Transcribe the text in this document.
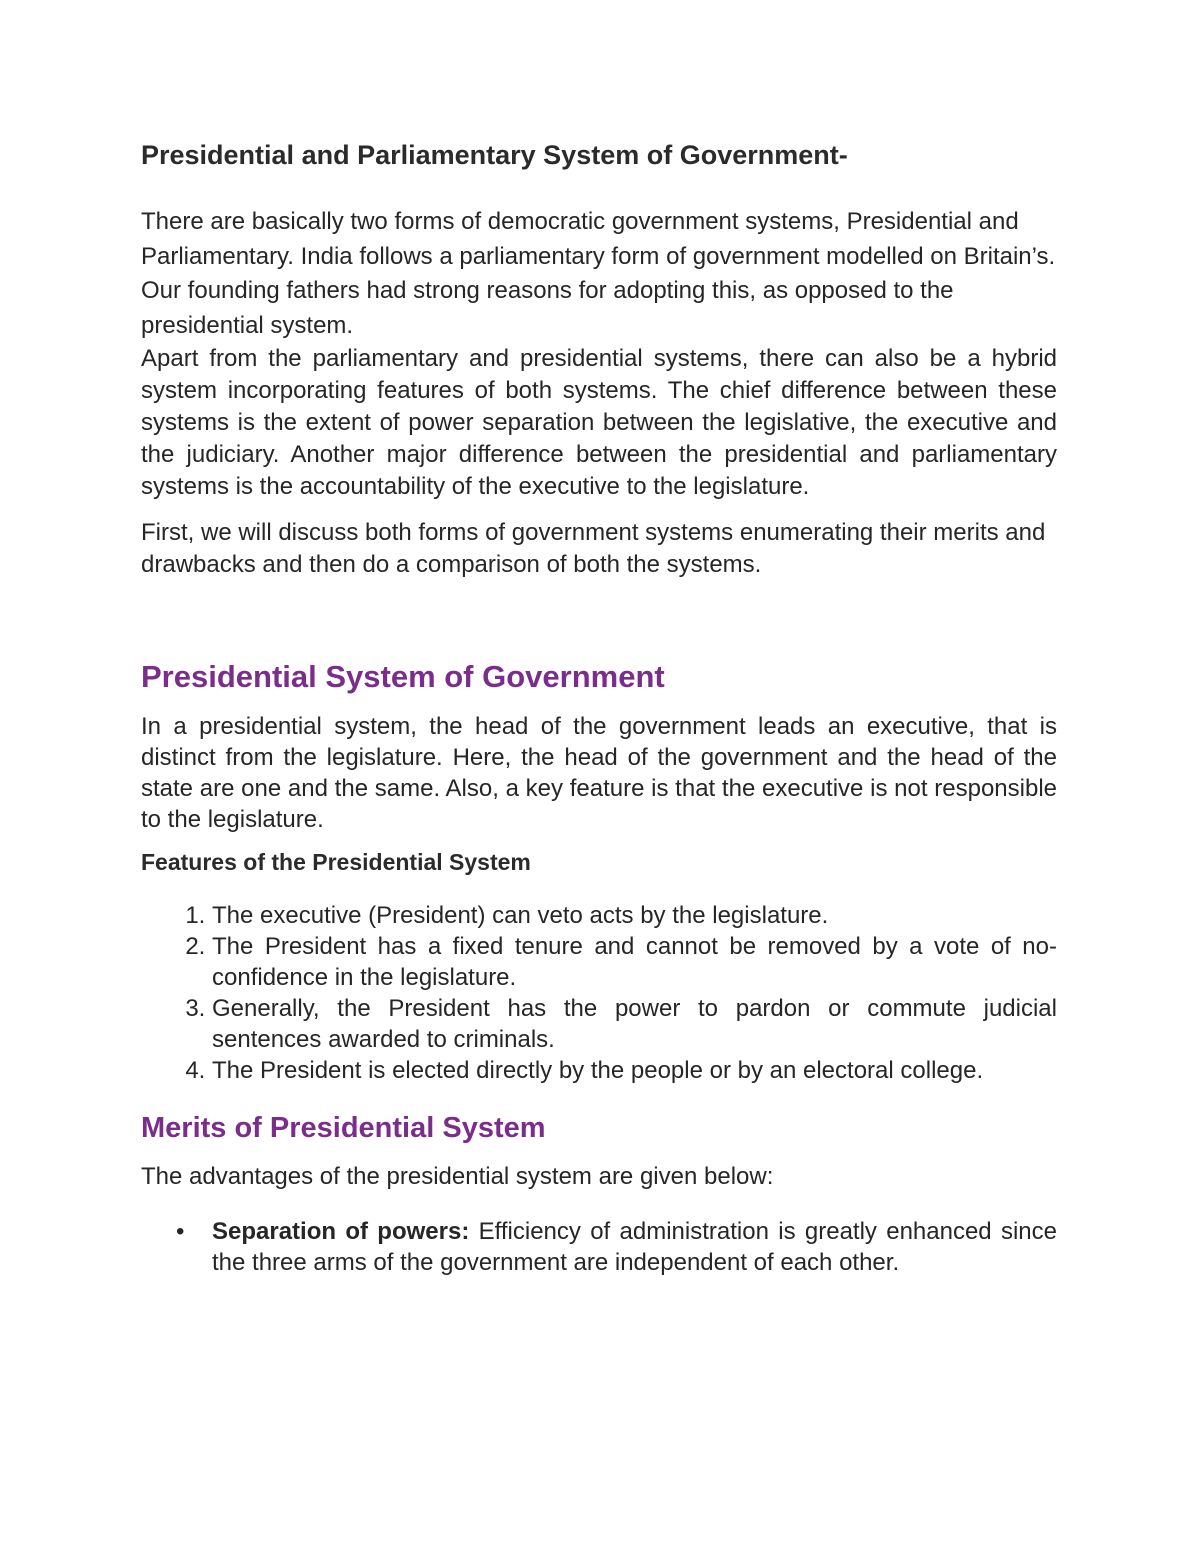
Presidential and Parliamentary System of Government-

There are basically two forms of democratic government systems, Presidential and Parliamentary. India follows a parliamentary form of government modelled on Britain’s. Our founding fathers had strong reasons for adopting this, as opposed to the presidential system.

Apart from the parliamentary and presidential systems, there can also be a hybrid system incorporating features of both systems. The chief difference between these systems is the extent of power separation between the legislative, the executive and the judiciary. Another major difference between the presidential and parliamentary systems is the accountability of the executive to the legislature.

First, we will discuss both forms of government systems enumerating their merits and drawbacks and then do a comparison of both the systems.

Presidential System of Government

In a presidential system, the head of the government leads an executive, that is distinct from the legislature. Here, the head of the government and the head of the state are one and the same. Also, a key feature is that the executive is not responsible to the legislature.

Features of the Presidential System
1. The executive (President) can veto acts by the legislature.
2. The President has a fixed tenure and cannot be removed by a vote of no-confidence in the legislature.
3. Generally, the President has the power to pardon or commute judicial sentences awarded to criminals.
4. The President is elected directly by the people or by an electoral college.
Merits of Presidential System

The advantages of the presidential system are given below:

• Separation of powers: Efficiency of administration is greatly enhanced since the three arms of the government are independent of each other.
